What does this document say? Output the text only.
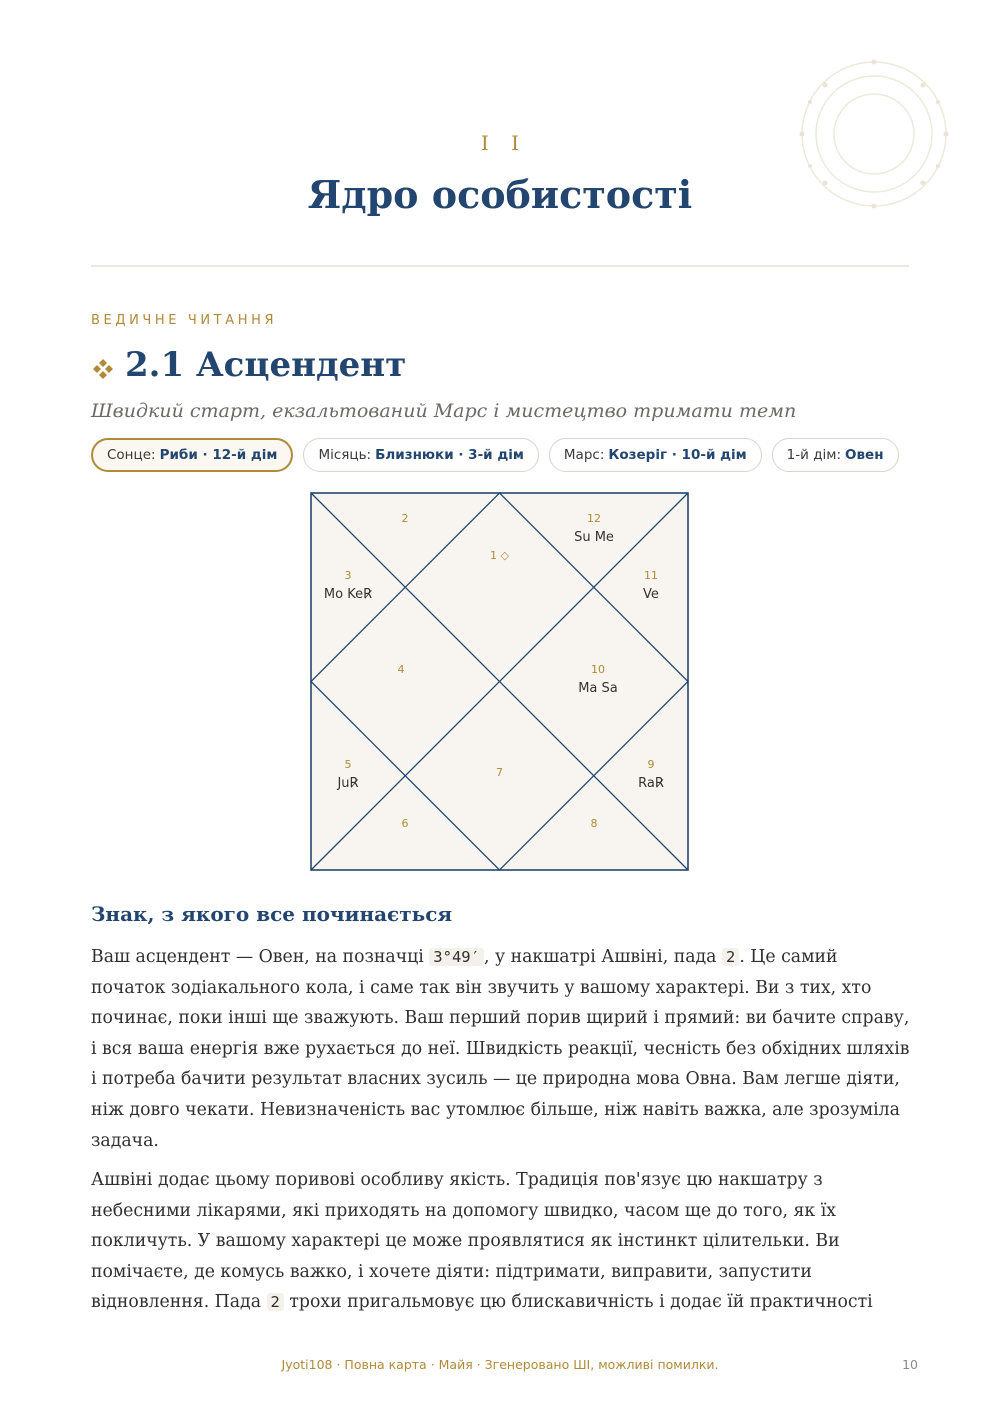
I I
Ядро особистості
ВЕДИЧНЕ ЧИТАННЯ
2.1 Асцендент
Швидкий старт, екзальтований Марс і мистецтво тримати темп
Сонце: Риби · 12-й дім	Місяць: Близнюки · 3-й дім	Марс: Козеріг · 10-й дім	1-й дім: Овен
1 ◇
2
3
Mo KeR̷
4
5
JuR̷
6
7
8
9
RaR̷
10
Ma Sa
11
Ve
12
Su Me
Знак, з якого все починається

Ваш асцендент — Овен, на позначці 3°49′ , у накшатрі Ашвіні, пада 2 . Це самий початок зодіакального кола, і саме так він звучить у вашому характері. Ви з тих, хто починає, поки інші ще зважують. Ваш перший порив щирий і прямий: ви бачите справу, і вся ваша енергія вже рухається до неї. Швидкість реакції, чесність без обхідних шляхів і потреба бачити результат власних зусиль — це природна мова Овна. Вам легше діяти, ніж довго чекати. Невизначеність вас утомлює більше, ніж навіть важка, але зрозуміла задача.

Ашвіні додає цьому поривові особливу якість. Традиція пов'язує цю накшатру з небесними лікарями, які приходять на допомогу швидко, часом ще до того, як їх покличуть. У вашому характері це може проявлятися як інстинкт цілительки. Ви помічаєте, де комусь важко, і хочете діяти: підтримати, виправити, запустити відновлення. Пада 2 трохи пригальмовує цю блискавичність і додає їй практичності

Jyoti108 · Повна карта · Майя · Згенеровано ШІ, можливі помилки.	10
